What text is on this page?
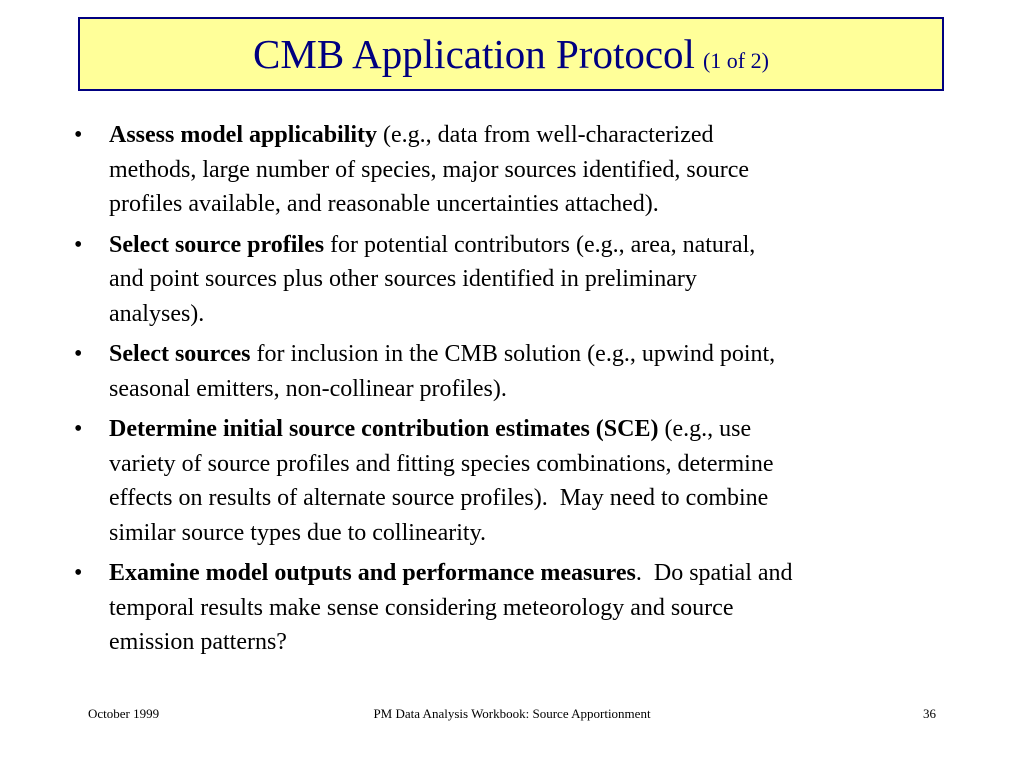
CMB Application Protocol (1 of 2)
• Assess model applicability (e.g., data from well-characterized
methods, large number of species, major sources identified, source
profiles available, and reasonable uncertainties attached).
• Select source profiles for potential contributors (e.g., area, natural,
and point sources plus other sources identified in preliminary
analyses).
• Select sources for inclusion in the CMB solution (e.g., upwind point,
seasonal emitters, non-collinear profiles).
• Determine initial source contribution estimates (SCE) (e.g., use
variety of source profiles and fitting species combinations, determine
effects on results of alternate source profiles).  May need to combine
similar source types due to collinearity.
• Examine model outputs and performance measures.  Do spatial and
temporal results make sense considering meteorology and source
emission patterns?
October 1999	PM Data Analysis Workbook: Source Apportionment	36
